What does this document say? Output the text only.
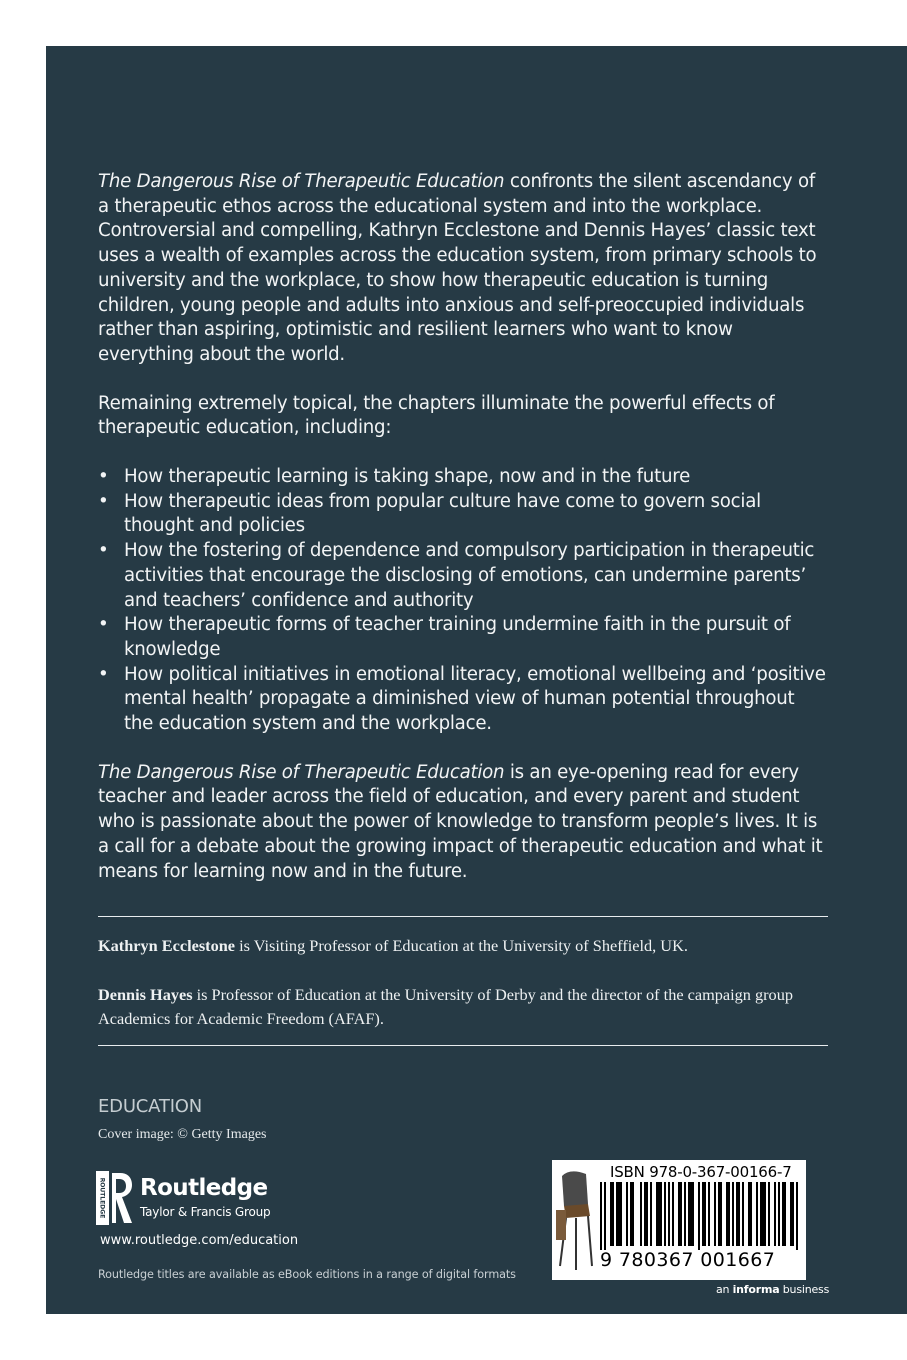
The Dangerous Rise of Therapeutic Education confronts the silent ascendancy of a therapeutic ethos across the educational system and into the workplace. Controversial and compelling, Kathryn Ecclestone and Dennis Hayes’ classic text uses a wealth of examples across the education system, from primary schools to university and the workplace, to show how therapeutic education is turning children, young people and adults into anxious and self-preoccupied individuals rather than aspiring, optimistic and resilient learners who want to know everything about the world.

Remaining extremely topical, the chapters illuminate the powerful effects of therapeutic education, including:

• How therapeutic learning is taking shape, now and in the future
• How therapeutic ideas from popular culture have come to govern social thought and policies
• How the fostering of dependence and compulsory participation in therapeutic activities that encourage the disclosing of emotions, can undermine parents’ and teachers’ confidence and authority
• How therapeutic forms of teacher training undermine faith in the pursuit of knowledge
• How political initiatives in emotional literacy, emotional wellbeing and ‘positive mental health’ propagate a diminished view of human potential throughout the education system and the workplace.

The Dangerous Rise of Therapeutic Education is an eye-opening read for every teacher and leader across the field of education, and every parent and student who is passionate about the power of knowledge to transform people’s lives. It is a call for a debate about the growing impact of therapeutic education and what it means for learning now and in the future.

Kathryn Ecclestone is Visiting Professor of Education at the University of Sheffield, UK.

Dennis Hayes is Professor of Education at the University of Derby and the director of the campaign group Academics for Academic Freedom (AFAF).

EDUCATION
Cover image: © Getty Images
ROUTLEDGE Routledge
Taylor & Francis Group
www.routledge.com/education
Routledge titles are available as eBook editions in a range of digital formats
ISBN 978-0-367-00166-7
9 780367 001667
an informa business
